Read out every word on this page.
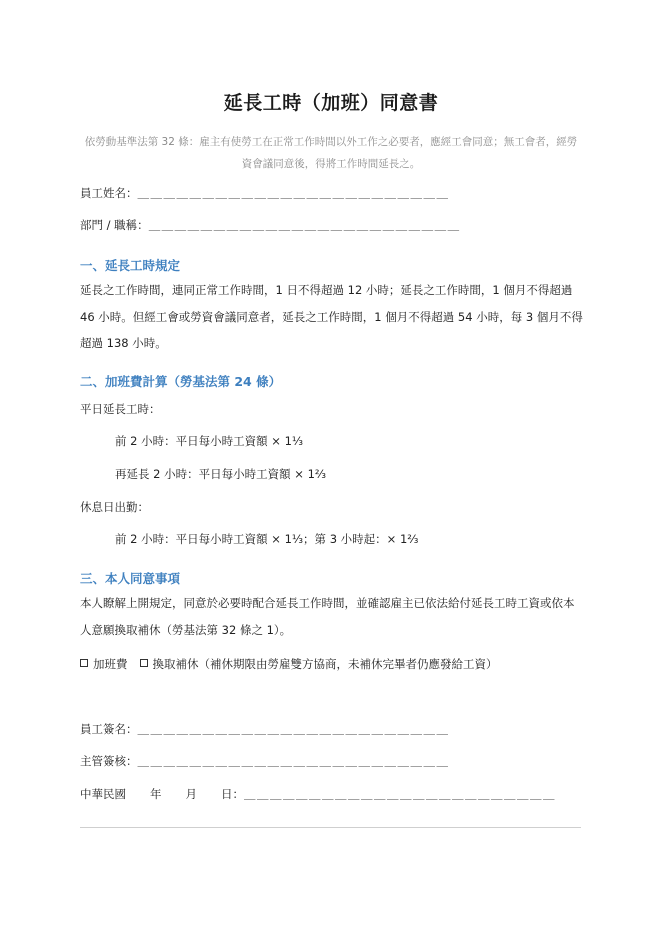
延長工時（加班）同意書
依勞動基準法第 32 條：雇主有使勞工在正常工作時間以外工作之必要者，應經工會同意；無工會者，經勞資會議同意後，得將工作時間延長之。
員工姓名：＿＿＿＿＿＿＿＿＿＿＿＿＿＿＿＿＿＿＿＿＿＿＿＿
部門 / 職稱：＿＿＿＿＿＿＿＿＿＿＿＿＿＿＿＿＿＿＿＿＿＿＿＿
一、延長工時規定
延長之工作時間，連同正常工作時間，1 日不得超過 12 小時；延長之工作時間，1 個月不得超過 46 小時。但經工會或勞資會議同意者，延長之工作時間，1 個月不得超過 54 小時，每 3 個月不得超過 138 小時。
二、加班費計算（勞基法第 24 條）
平日延長工時：
前 2 小時：平日每小時工資額 × 1⅓
再延長 2 小時：平日每小時工資額 × 1⅔
休息日出勤：
前 2 小時：平日每小時工資額 × 1⅓；第 3 小時起：× 1⅔
三、本人同意事項
本人瞭解上開規定，同意於必要時配合延長工作時間，並確認雇主已依法給付延長工時工資或依本人意願換取補休（勞基法第 32 條之 1）。
加班費 換取補休（補休期限由勞雇雙方協商，未補休完畢者仍應發給工資）
員工簽名：＿＿＿＿＿＿＿＿＿＿＿＿＿＿＿＿＿＿＿＿＿＿＿＿
主管簽核：＿＿＿＿＿＿＿＿＿＿＿＿＿＿＿＿＿＿＿＿＿＿＿＿
中華民國 年 月 日：＿＿＿＿＿＿＿＿＿＿＿＿＿＿＿＿＿＿＿＿＿＿＿＿
